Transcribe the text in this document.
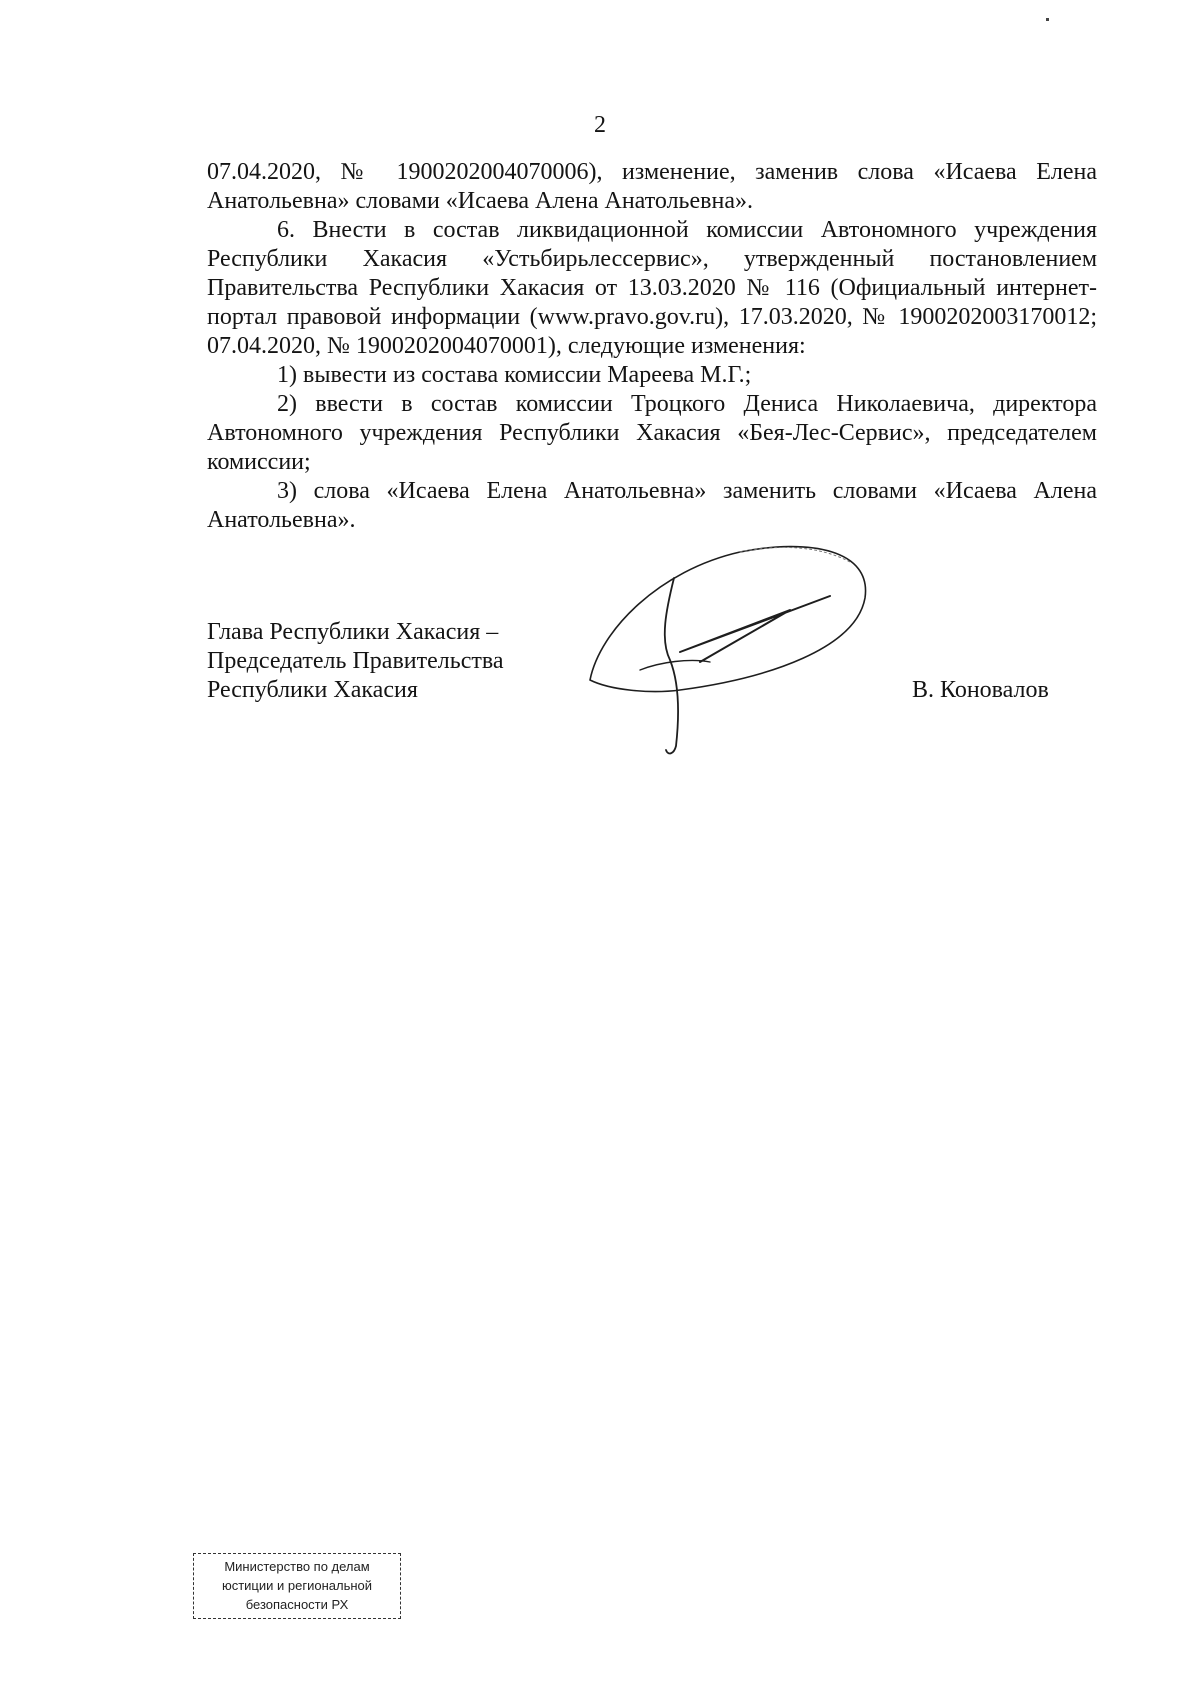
2

07.04.2020, № 1900202004070006), изменение, заменив слова «Исаева Елена Анатольевна» словами «Исаева Алена Анатольевна».

6. Внести в состав ликвидационной комиссии Автономного учреждения Республики Хакасия «Устьбирьлессервис», утвержденный постановлением Правительства Республики Хакасия от 13.03.2020 № 116 (Официальный интернет-портал правовой информации (www.pravo.gov.ru), 17.03.2020, № 1900202003170012; 07.04.2020, № 1900202004070001), следующие изменения:

1) вывести из состава комиссии Мареева М.Г.;

2) ввести в состав комиссии Троцкого Дениса Николаевича, директора Автономного учреждения Республики Хакасия «Бея-Лес-Сервис», председателем комиссии;

3) слова «Исаева Елена Анатольевна» заменить словами «Исаева Алена Анатольевна».

Глава Республики Хакасия –
Председатель Правительства
Республики Хакасия	В. Коновалов
Министерство по делам
юстиции и региональной
безопасности РХ
